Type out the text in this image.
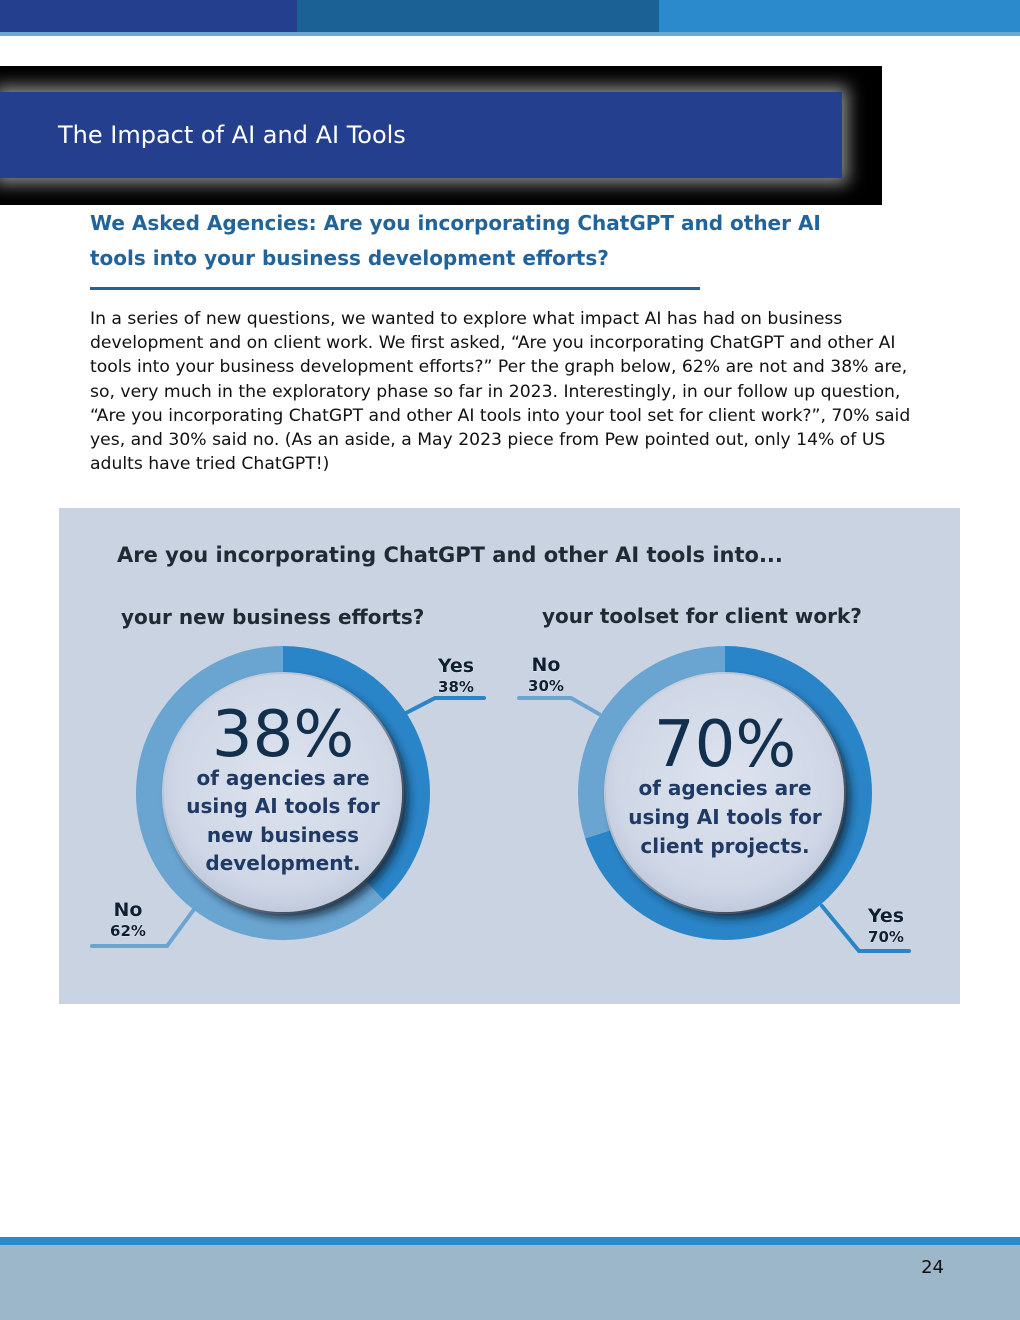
The Impact of AI and AI Tools
We Asked Agencies: Are you incorporating ChatGPT and other AI
tools into your business development efforts?
In a series of new questions, we wanted to explore what impact AI has had on business development and on client work. We first asked, “Are you incorporating ChatGPT and other AI tools into your business development efforts?” Per the graph below, 62% are not and 38% are, so, very much in the exploratory phase so far in 2023. Interestingly, in our follow up question, “Are you incorporating ChatGPT and other AI tools into your tool set for client work?”, 70% said yes, and 30% said no. (As an aside, a May 2023 piece from Pew pointed out, only 14% of US adults have tried ChatGPT!)
Are you incorporating ChatGPT and other AI tools into...
your new business efforts?
38%
of agencies are
using AI tools for
new business
development.
Yes
38%
No
62%
your toolset for client work?
70%
of agencies are
using AI tools for
client projects.
Yes
70%
No
30%
24
